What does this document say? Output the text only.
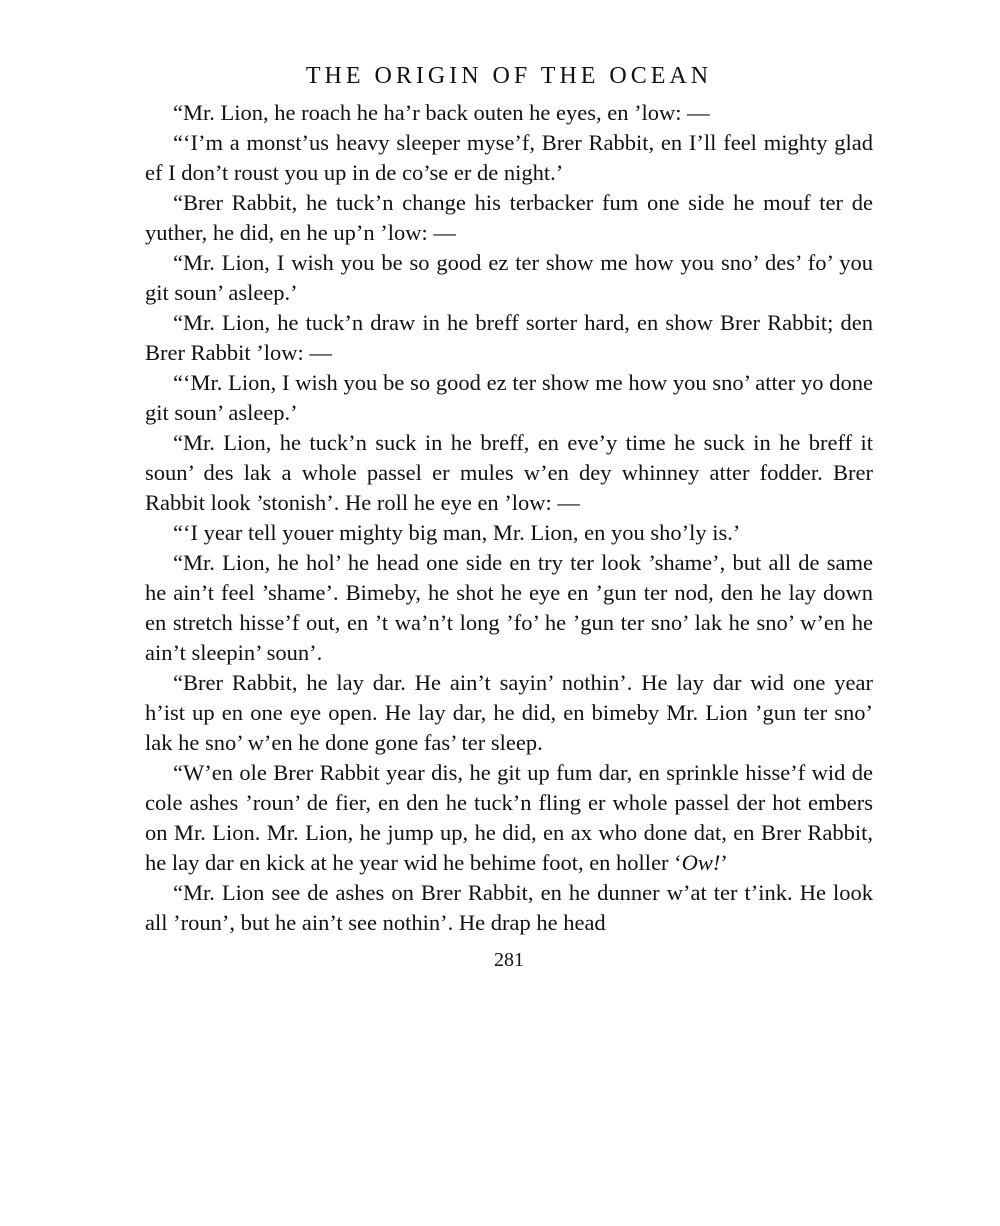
THE ORIGIN OF THE OCEAN

“Mr. Lion, he roach he ha’r back outen he eyes, en ’low: —

“‘I’m a monst’us heavy sleeper myse’f, Brer Rabbit, en I’ll feel mighty glad ef I don’t roust you up in de co’se er de night.’

“Brer Rabbit, he tuck’n change his terbacker fum one side he mouf ter de yuther, he did, en he up’n ’low: —

“Mr. Lion, I wish you be so good ez ter show me how you sno’ des’ fo’ you git soun’ asleep.’

“Mr. Lion, he tuck’n draw in he breff sorter hard, en show Brer Rabbit; den Brer Rabbit ’low: —

“‘Mr. Lion, I wish you be so good ez ter show me how you sno’ atter yo done git soun’ asleep.’

“Mr. Lion, he tuck’n suck in he breff, en eve’y time he suck in he breff it soun’ des lak a whole passel er mules w’en dey whinney atter fodder. Brer Rabbit look ’stonish’. He roll he eye en ’low: —

“‘I year tell youer mighty big man, Mr. Lion, en you sho’ly is.’

“Mr. Lion, he hol’ he head one side en try ter look ’shame’, but all de same he ain’t feel ’shame’. Bimeby, he shot he eye en ’gun ter nod, den he lay down en stretch hisse’f out, en ’t wa’n’t long ’fo’ he ’gun ter sno’ lak he sno’ w’en he ain’t sleepin’ soun’.

“Brer Rabbit, he lay dar. He ain’t sayin’ nothin’. He lay dar wid one year h’ist up en one eye open. He lay dar, he did, en bimeby Mr. Lion ’gun ter sno’ lak he sno’ w’en he done gone fas’ ter sleep.

“W’en ole Brer Rabbit year dis, he git up fum dar, en sprinkle hisse’f wid de cole ashes ’roun’ de fier, en den he tuck’n fling er whole passel der hot embers on Mr. Lion. Mr. Lion, he jump up, he did, en ax who done dat, en Brer Rabbit, he lay dar en kick at he year wid he behime foot, en holler ‘Ow!’

“Mr. Lion see de ashes on Brer Rabbit, en he dunner w’at ter t’ink. He look all ’roun’, but he ain’t see nothin’. He drap he head

281
